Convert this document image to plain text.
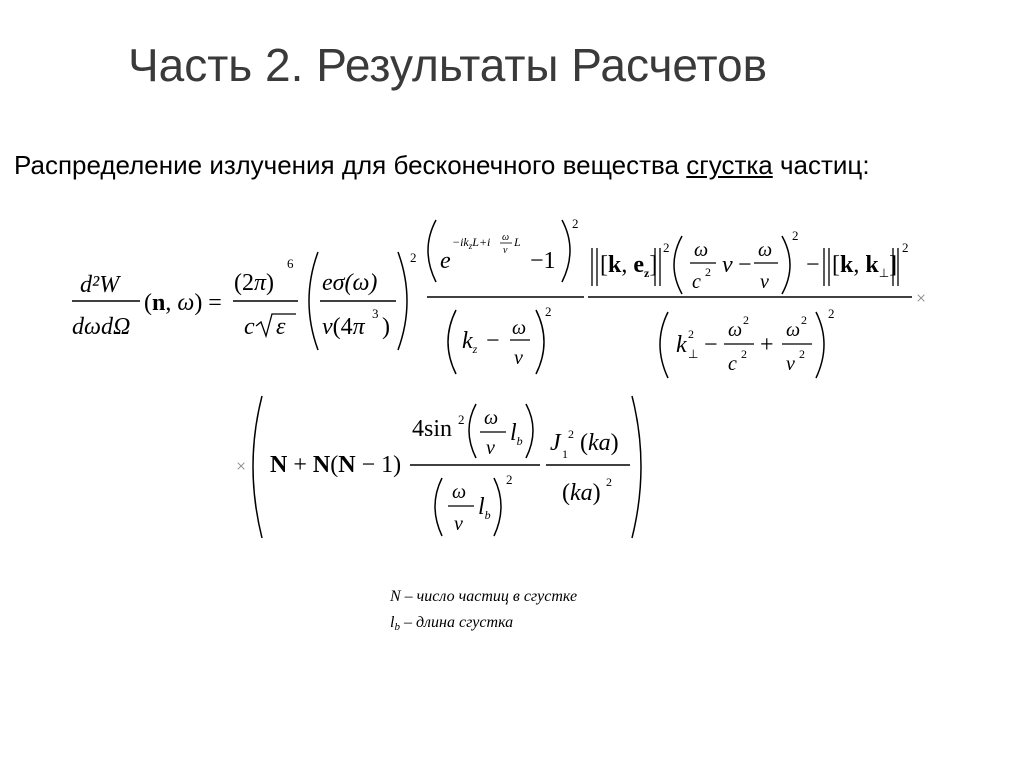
Часть 2. Результаты Расчетов
Распределение излучения для бесконечного вещества сгустка частиц:
d²W
dωdΩ
(n, ω) =
(2π)
6
c ε
eσ(ω)
v(4π
3
)
2 e
$-ik_zL+i$ ω
v
L
−1
2
$k_z - \omega$
v
2
[k, $e_z$]
2 ω
c 2 v −
ω
v
2
− [k, $k_\perp$]
2
×
k 2
⊥ −
ω 2
c 2 +
ω 2
v 2
2
× N + N(N − 1)
4sin 2 ω
v
$l_b$
ω
v
$l_b$
2
J 1
2 (ka)
(ka) 2
N – число частиц в сгустке
$l_b$ – длина сгустка
